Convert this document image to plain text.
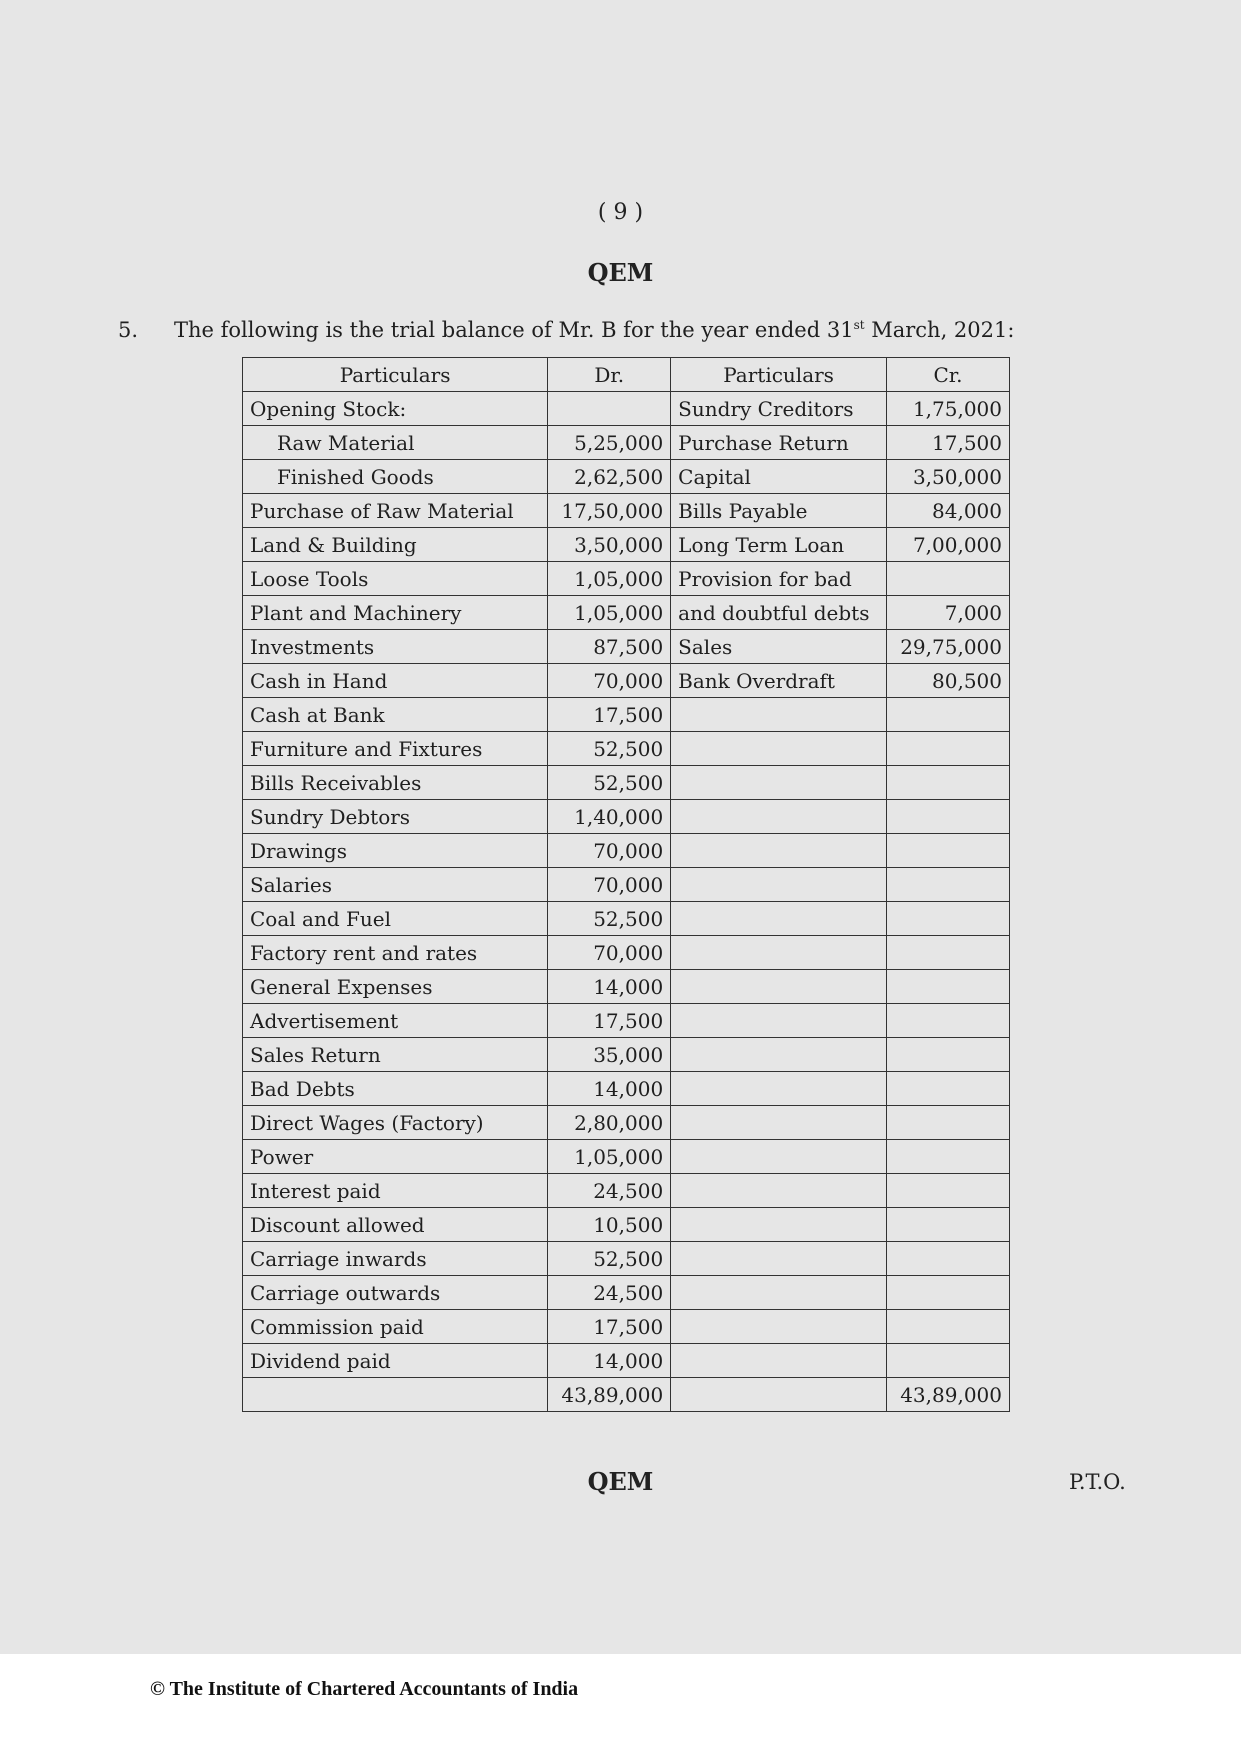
( 9 )
QEM
5. The following is the trial balance of Mr. B for the year ended 31st March, 2021:
Particulars	Dr.	Particulars	Cr.
Opening Stock:		Sundry Creditors	1,75,000
Raw Material	5,25,000	Purchase Return	17,500
Finished Goods	2,62,500	Capital	3,50,000
Purchase of Raw Material	17,50,000	Bills Payable	84,000
Land & Building	3,50,000	Long Term Loan	7,00,000
Loose Tools	1,05,000	Provision for bad	
Plant and Machinery	1,05,000	and doubtful debts	7,000
Investments	87,500	Sales	29,75,000
Cash in Hand	70,000	Bank Overdraft	80,500
Cash at Bank	17,500		
Furniture and Fixtures	52,500		
Bills Receivables	52,500		
Sundry Debtors	1,40,000		
Drawings	70,000		
Salaries	70,000		
Coal and Fuel	52,500		
Factory rent and rates	70,000		
General Expenses	14,000		
Advertisement	17,500		
Sales Return	35,000		
Bad Debts	14,000		
Direct Wages (Factory)	2,80,000		
Power	1,05,000		
Interest paid	24,500		
Discount allowed	10,500		
Carriage inwards	52,500		
Carriage outwards	24,500		
Commission paid	17,500		
Dividend paid	14,000		
	43,89,000		43,89,000
QEM	P.T.O.
© The Institute of Chartered Accountants of India
